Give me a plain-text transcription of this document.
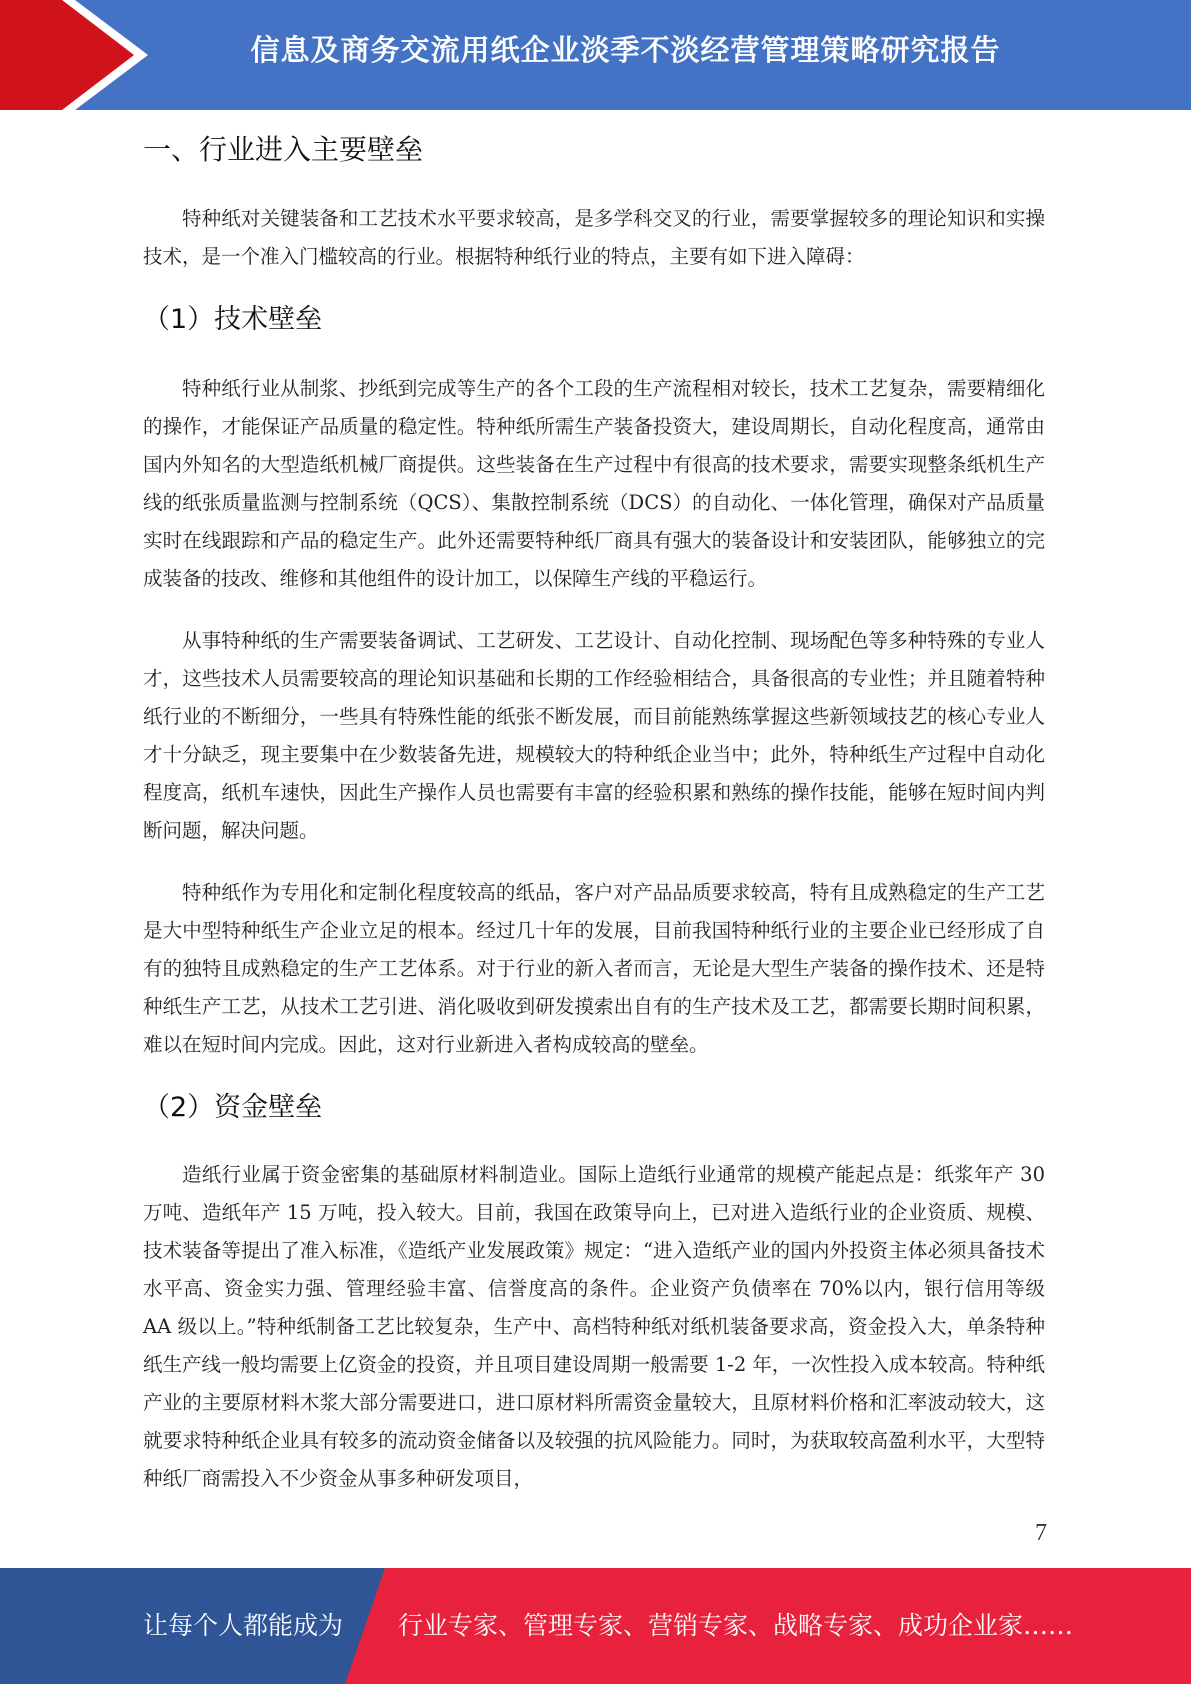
信息及商务交流用纸企业淡季不淡经营管理策略研究报告
一、行业进入主要壁垒

特种纸对关键装备和工艺技术水平要求较高，是多学科交叉的行业，需要掌握较多的理论知识和实操技术，是一个准入门槛较高的行业。根据特种纸行业的特点，主要有如下进入障碍：

（1）技术壁垒

特种纸行业从制浆、抄纸到完成等生产的各个工段的生产流程相对较长，技术工艺复杂，需要精细化的操作，才能保证产品质量的稳定性。特种纸所需生产装备投资大，建设周期长，自动化程度高，通常由国内外知名的大型造纸机械厂商提供。这些装备在生产过程中有很高的技术要求，需要实现整条纸机生产线的纸张质量监测与控制系统（QCS）、集散控制系统（DCS）的自动化、一体化管理，确保对产品质量实时在线跟踪和产品的稳定生产。此外还需要特种纸厂商具有强大的装备设计和安装团队，能够独立的完成装备的技改、维修和其他组件的设计加工，以保障生产线的平稳运行。

从事特种纸的生产需要装备调试、工艺研发、工艺设计、自动化控制、现场配色等多种特殊的专业人才，这些技术人员需要较高的理论知识基础和长期的工作经验相结合，具备很高的专业性；并且随着特种纸行业的不断细分，一些具有特殊性能的纸张不断发展，而目前能熟练掌握这些新领域技艺的核心专业人才十分缺乏，现主要集中在少数装备先进，规模较大的特种纸企业当中；此外，特种纸生产过程中自动化程度高，纸机车速快，因此生产操作人员也需要有丰富的经验积累和熟练的操作技能，能够在短时间内判断问题，解决问题。

特种纸作为专用化和定制化程度较高的纸品，客户对产品品质要求较高，特有且成熟稳定的生产工艺是大中型特种纸生产企业立足的根本。经过几十年的发展，目前我国特种纸行业的主要企业已经形成了自有的独特且成熟稳定的生产工艺体系。对于行业的新入者而言，无论是大型生产装备的操作技术、还是特种纸生产工艺，从技术工艺引进、消化吸收到研发摸索出自有的生产技术及工艺，都需要长期时间积累，难以在短时间内完成。因此，这对行业新进入者构成较高的壁垒。

（2）资金壁垒

造纸行业属于资金密集的基础原材料制造业。国际上造纸行业通常的规模产能起点是：纸浆年产 30 万吨、造纸年产 15 万吨，投入较大。目前，我国在政策导向上，已对进入造纸行业的企业资质、规模、技术装备等提出了准入标准，《造纸产业发展政策》规定：“进入造纸产业的国内外投资主体必须具备技术水平高、资金实力强、管理经验丰富、信誉度高的条件。企业资产负债率在 70%以内，银行信用等级 AA 级以上。”特种纸制备工艺比较复杂，生产中、高档特种纸对纸机装备要求高，资金投入大，单条特种纸生产线一般均需要上亿资金的投资，并且项目建设周期一般需要 1-2 年，一次性投入成本较高。特种纸产业的主要原材料木浆大部分需要进口，进口原材料所需资金量较大，且原材料价格和汇率波动较大，这就要求特种纸企业具有较多的流动资金储备以及较强的抗风险能力。同时，为获取较高盈利水平，大型特种纸厂商需投入不少资金从事多种研发项目，

7
让每个人都能成为 行业专家、管理专家、营销专家、战略专家、成功企业家……
